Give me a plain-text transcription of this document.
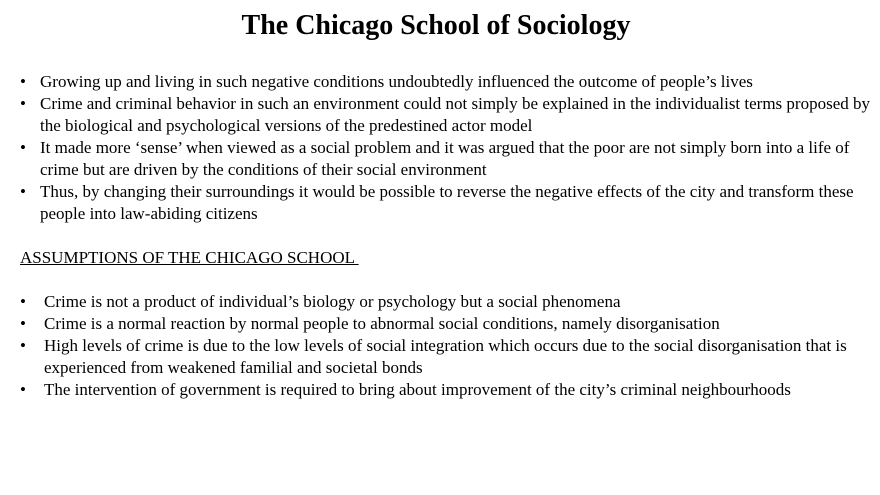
The Chicago School of Sociology
• Growing up and living in such negative conditions undoubtedly influenced the outcome of people’s lives
• Crime and criminal behavior in such an environment could not simply be explained in the individualist terms proposed by the biological and psychological versions of the predestined actor model
• It made more ‘sense’ when viewed as a social problem and it was argued that the poor are not simply born into a life of crime but are driven by the conditions of their social environment
• Thus, by changing their surroundings it would be possible to reverse the negative effects of the city and transform these people into law-abiding citizens
ASSUMPTIONS OF THE CHICAGO SCHOOL
• Crime is not a product of individual’s biology or psychology but a social phenomena
• Crime is a normal reaction by normal people to abnormal social conditions, namely disorganisation
• High levels of crime is due to the low levels of social integration which occurs due to the social disorganisation that is experienced from weakened familial and societal bonds
• The intervention of government is required to bring about improvement of the city’s criminal neighbourhoods
